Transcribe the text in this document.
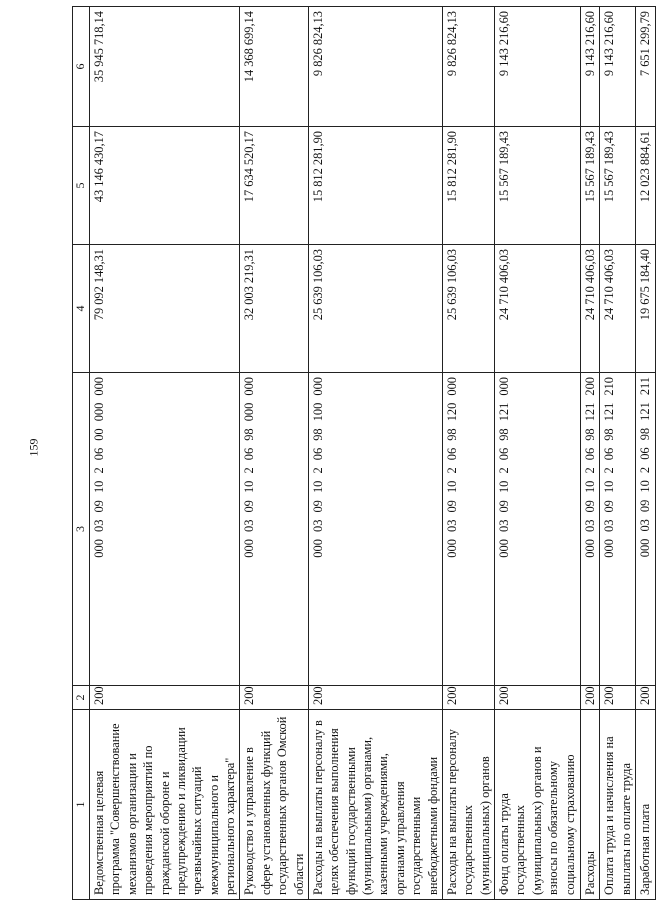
159
1	2	3	4	5	6
Ведомственная целевая программа "Совершенствование механизмов организации и проведения мероприятий по гражданской обороне и предупреждению и ликвидации чрезвычайных ситуаций межмуниципального и регионального характера"	200	000 03 09 10 2 06 00 000 000	79 092 148,31	43 146 430,17	35 945 718,14
Руководство и управление в сфере установленных функций государственных органов Омской области	200	000 03 09 10 2 06 98 000 000	32 003 219,31	17 634 520,17	14 368 699,14
Расходы на выплаты персоналу в целях обеспечения выполнения функций государственными (муниципальными) органами, казенными учреждениями, органами управления государственными внебюджетными фондами	200	000 03 09 10 2 06 98 100 000	25 639 106,03	15 812 281,90	9 826 824,13
Расходы на выплаты персоналу государственных (муниципальных) органов	200	000 03 09 10 2 06 98 120 000	25 639 106,03	15 812 281,90	9 826 824,13
Фонд оплаты труда государственных (муниципальных) органов и взносы по обязательному социальному страхованию	200	000 03 09 10 2 06 98 121 000	24 710 406,03	15 567 189,43	9 143 216,60
Расходы	200	000 03 09 10 2 06 98 121 200	24 710 406,03	15 567 189,43	9 143 216,60
Оплата труда и начисления на выплаты по оплате труда	200	000 03 09 10 2 06 98 121 210	24 710 406,03	15 567 189,43	9 143 216,60
Заработная плата	200	000 03 09 10 2 06 98 121 211	19 675 184,40	12 023 884,61	7 651 299,79
